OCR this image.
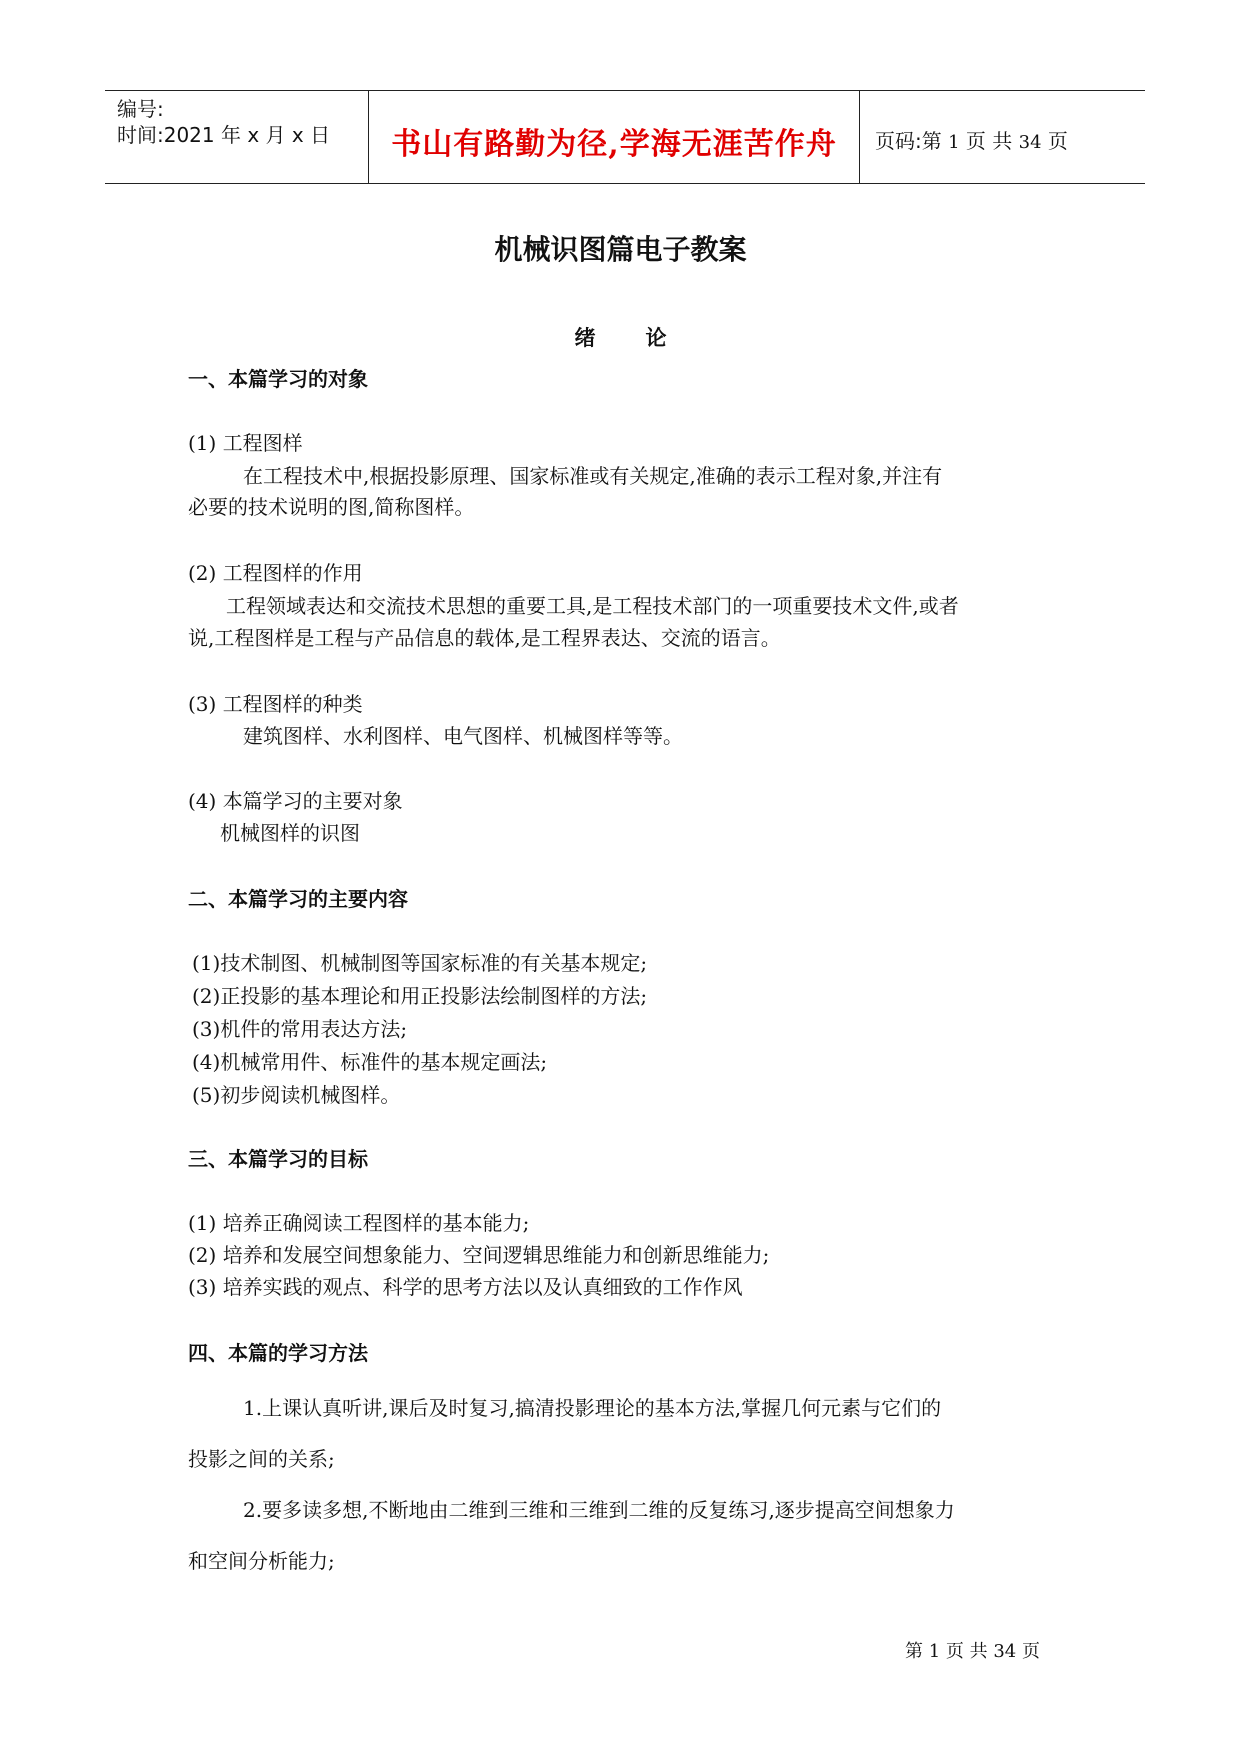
编号:
时间:2021 年 x 月 x 日	书山有路勤为径,学海无涯苦作舟	页码:第 1 页 共 34 页
机械识图篇电子教案
绪论
一、本篇学习的对象
(1) 工程图样
在工程技术中,根据投影原理、国家标准或有关规定,准确的表示工程对象,并注有
必要的技术说明的图,简称图样。
(2) 工程图样的作用
工程领域表达和交流技术思想的重要工具,是工程技术部门的一项重要技术文件,或者
说,工程图样是工程与产品信息的载体,是工程界表达、交流的语言。
(3) 工程图样的种类
建筑图样、水利图样、电气图样、机械图样等等。
(4) 本篇学习的主要对象
机械图样的识图
二、本篇学习的主要内容
(1)技术制图、机械制图等国家标准的有关基本规定;
(2)正投影的基本理论和用正投影法绘制图样的方法;
(3)机件的常用表达方法;
(4)机械常用件、标准件的基本规定画法;
(5)初步阅读机械图样。
三、本篇学习的目标
(1) 培养正确阅读工程图样的基本能力;
(2) 培养和发展空间想象能力、空间逻辑思维能力和创新思维能力;
(3) 培养实践的观点、科学的思考方法以及认真细致的工作作风
四、本篇的学习方法
1.上课认真听讲,课后及时复习,搞清投影理论的基本方法,掌握几何元素与它们的
投影之间的关系;
2.要多读多想,不断地由二维到三维和三维到二维的反复练习,逐步提高空间想象力
和空间分析能力;
第 1 页 共 34 页
